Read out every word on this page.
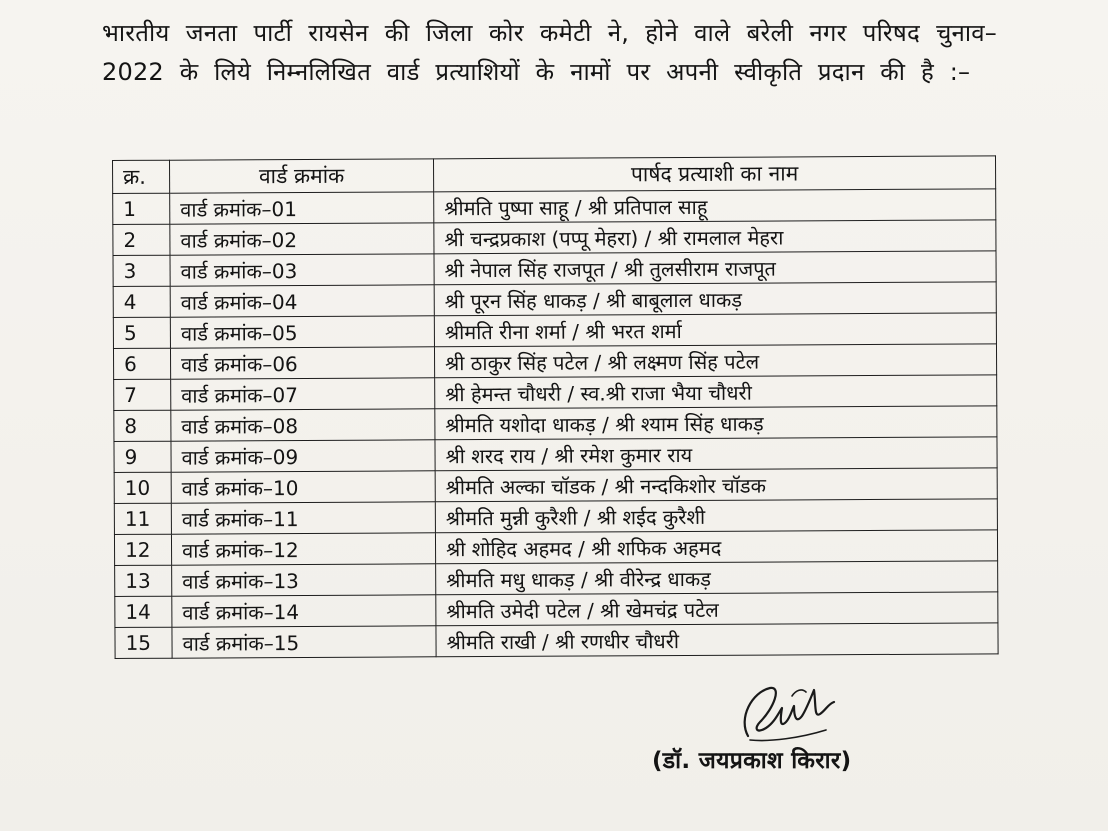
भारतीय जनता पार्टी रायसेन की जिला कोर कमेटी ने, होने वाले बरेली नगर परिषद चुनाव–2022 के लिये निम्नलिखित वार्ड प्रत्याशियों के नामों पर अपनी स्वीकृति प्रदान की है :–

क्र.	वार्ड क्रमांक	पार्षद प्रत्याशी का नाम
1	वार्ड क्रमांक–01	श्रीमति पुष्पा साहू / श्री प्रतिपाल साहू
2	वार्ड क्रमांक–02	श्री चन्द्रप्रकाश (पप्पू मेहरा) / श्री रामलाल मेहरा
3	वार्ड क्रमांक–03	श्री नेपाल सिंह राजपूत / श्री तुलसीराम राजपूत
4	वार्ड क्रमांक–04	श्री पूरन सिंह धाकड़ / श्री बाबूलाल धाकड़
5	वार्ड क्रमांक–05	श्रीमति रीना शर्मा / श्री भरत शर्मा
6	वार्ड क्रमांक–06	श्री ठाकुर सिंह पटेल / श्री लक्ष्मण सिंह पटेल
7	वार्ड क्रमांक–07	श्री हेमन्त चौधरी / स्व.श्री राजा भैया चौधरी
8	वार्ड क्रमांक–08	श्रीमति यशोदा धाकड़ / श्री श्याम सिंह धाकड़
9	वार्ड क्रमांक–09	श्री शरद राय / श्री रमेश कुमार राय
10	वार्ड क्रमांक–10	श्रीमति अल्का चॉडक / श्री नन्दकिशोर चॉडक
11	वार्ड क्रमांक–11	श्रीमति मुन्नी कुरैशी / श्री शईद कुरैशी
12	वार्ड क्रमांक–12	श्री शोहिद अहमद / श्री शफिक अहमद
13	वार्ड क्रमांक–13	श्रीमति मधु धाकड़ / श्री वीरेन्द्र धाकड़
14	वार्ड क्रमांक–14	श्रीमति उमेदी पटेल / श्री खेमचंद्र पटेल
15	वार्ड क्रमांक–15	श्रीमति राखी / श्री रणधीर चौधरी
(डॉ. जयप्रकाश किरार)
